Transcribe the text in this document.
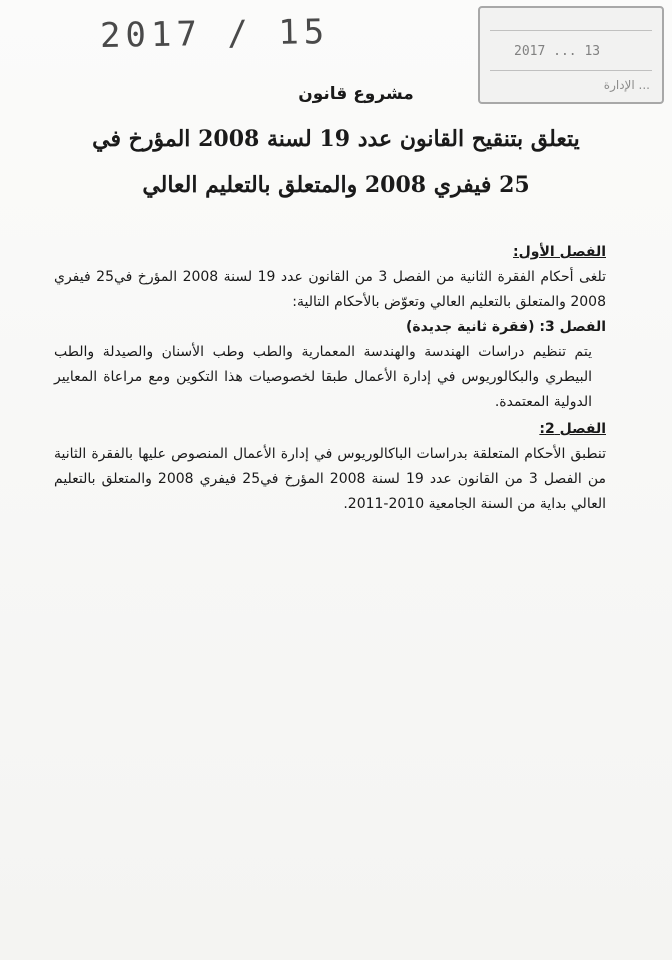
2017 / 15	2017 ... 13
... الإدارة
مشروع قانون
يتعلق بتنقيح القانون عدد 19 لسنة 2008 المؤرخ في
25 فيفري 2008 والمتعلق بالتعليم العالي
الفصل الأول:
تلغى أحكام الفقرة الثانية من الفصل 3 من القانون عدد 19 لسنة 2008 المؤرخ في25 فيفري 2008 والمتعلق بالتعليم العالي وتعوّض بالأحكام التالية:
الفصل 3: (فقرة ثانية جديدة)
يتم تنظيم دراسات الهندسة والهندسة المعمارية والطب وطب الأسنان والصيدلة والطب البيطري والبكالوريوس في إدارة الأعمال طبقا لخصوصيات هذا التكوين ومع مراعاة المعايير الدولية المعتمدة.
الفصل 2:
تنطبق الأحكام المتعلقة بدراسات الباكالوريوس في إدارة الأعمال المنصوص عليها بالفقرة الثانية من الفصل 3 من القانون عدد 19 لسنة 2008 المؤرخ في25 فيفري 2008 والمتعلق بالتعليم العالي بداية من السنة الجامعية 2010-2011.
